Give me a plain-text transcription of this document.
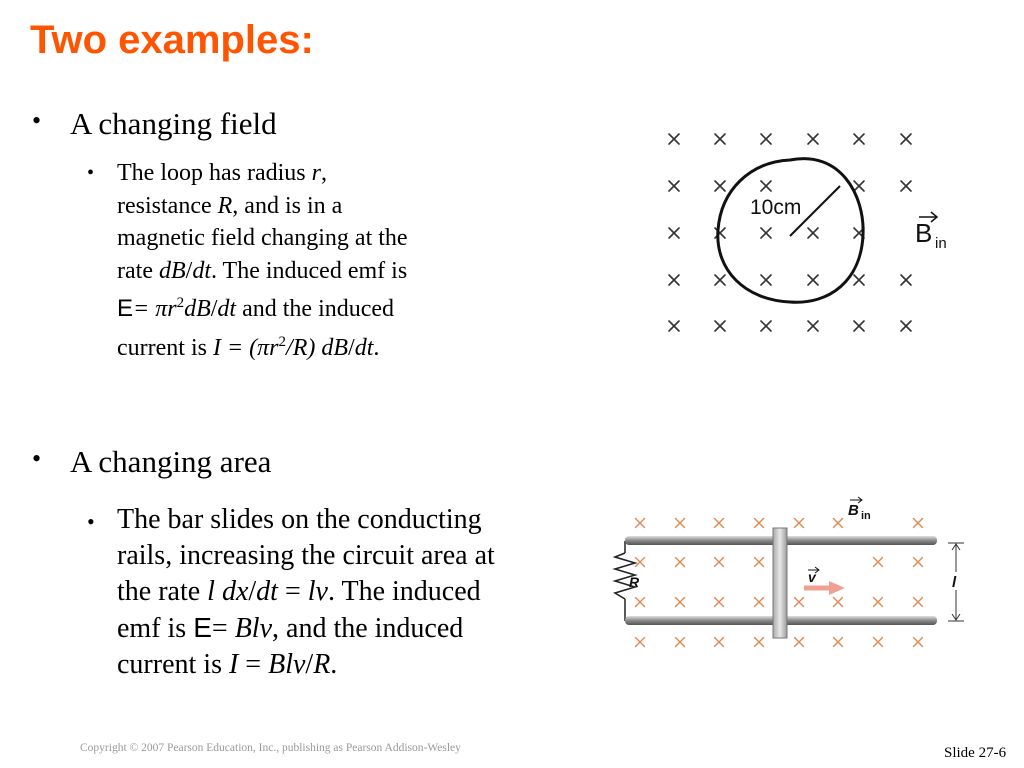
Two examples:
• A changing field
• The loop has radius r,
resistance R, and is in a
magnetic field changing at the
rate dB/dt. The induced emf is
$E= \pi r^2dB/dt$ and the induced
current is $I = (\pi r^2/R)$ dB/dt.
10cm
B in
• A changing area
• The bar slides on the conducting
rails, increasing the circuit area at
the rate l dx/dt = lv. The induced
emf is E= Blv, and the induced
current is I = Blv/R.
R	v
B in
l
Copyright © 2007 Pearson Education, Inc., publishing as Pearson Addison-Wesley	Slide 27-6
